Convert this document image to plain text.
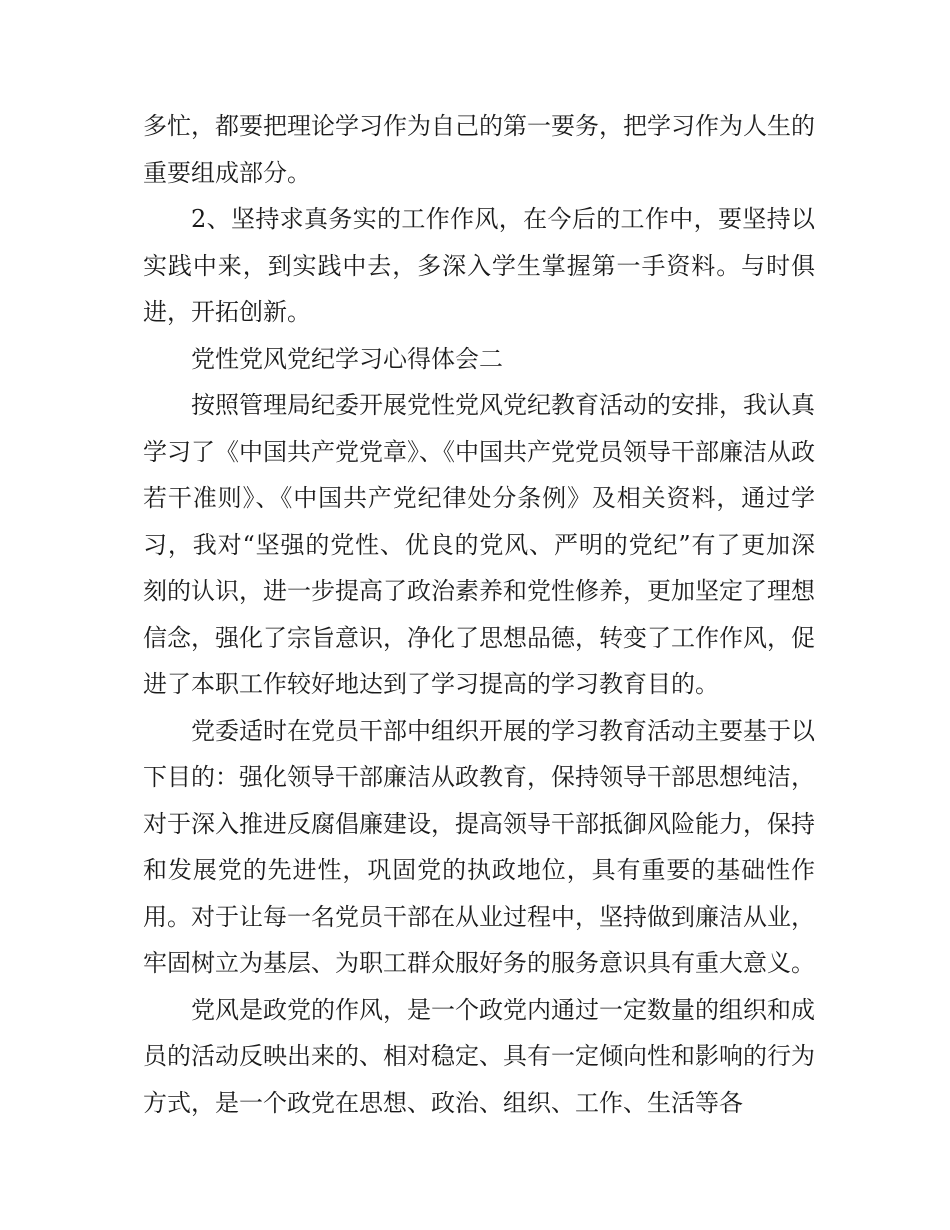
多忙，都要把理论学习作为自己的第一要务，把学习作为人生的重要组成部分。

2、坚持求真务实的工作作风，在今后的工作中，要坚持以实践中来，到实践中去，多深入学生掌握第一手资料。与时俱进，开拓创新。

党性党风党纪学习心得体会二

按照管理局纪委开展党性党风党纪教育活动的安排，我认真学习了《中国共产党党章》、《中国共产党党员领导干部廉洁从政若干准则》、《中国共产党纪律处分条例》及相关资料，通过学习，我对“坚强的党性、优良的党风、严明的党纪”有了更加深刻的认识，进一步提高了政治素养和党性修养，更加坚定了理想信念，强化了宗旨意识，净化了思想品德，转变了工作作风，促进了本职工作较好地达到了学习提高的学习教育目的。

党委适时在党员干部中组织开展的学习教育活动主要基于以下目的：强化领导干部廉洁从政教育，保持领导干部思想纯洁，对于深入推进反腐倡廉建设，提高领导干部抵御风险能力，保持和发展党的先进性，巩固党的执政地位，具有重要的基础性作用。对于让每一名党员干部在从业过程中，坚持做到廉洁从业，牢固树立为基层、为职工群众服好务的服务意识具有重大意义。

党风是政党的作风，是一个政党内通过一定数量的组织和成员的活动反映出来的、相对稳定、具有一定倾向性和影响的行为方式，是一个政党在思想、政治、组织、工作、生活等各
